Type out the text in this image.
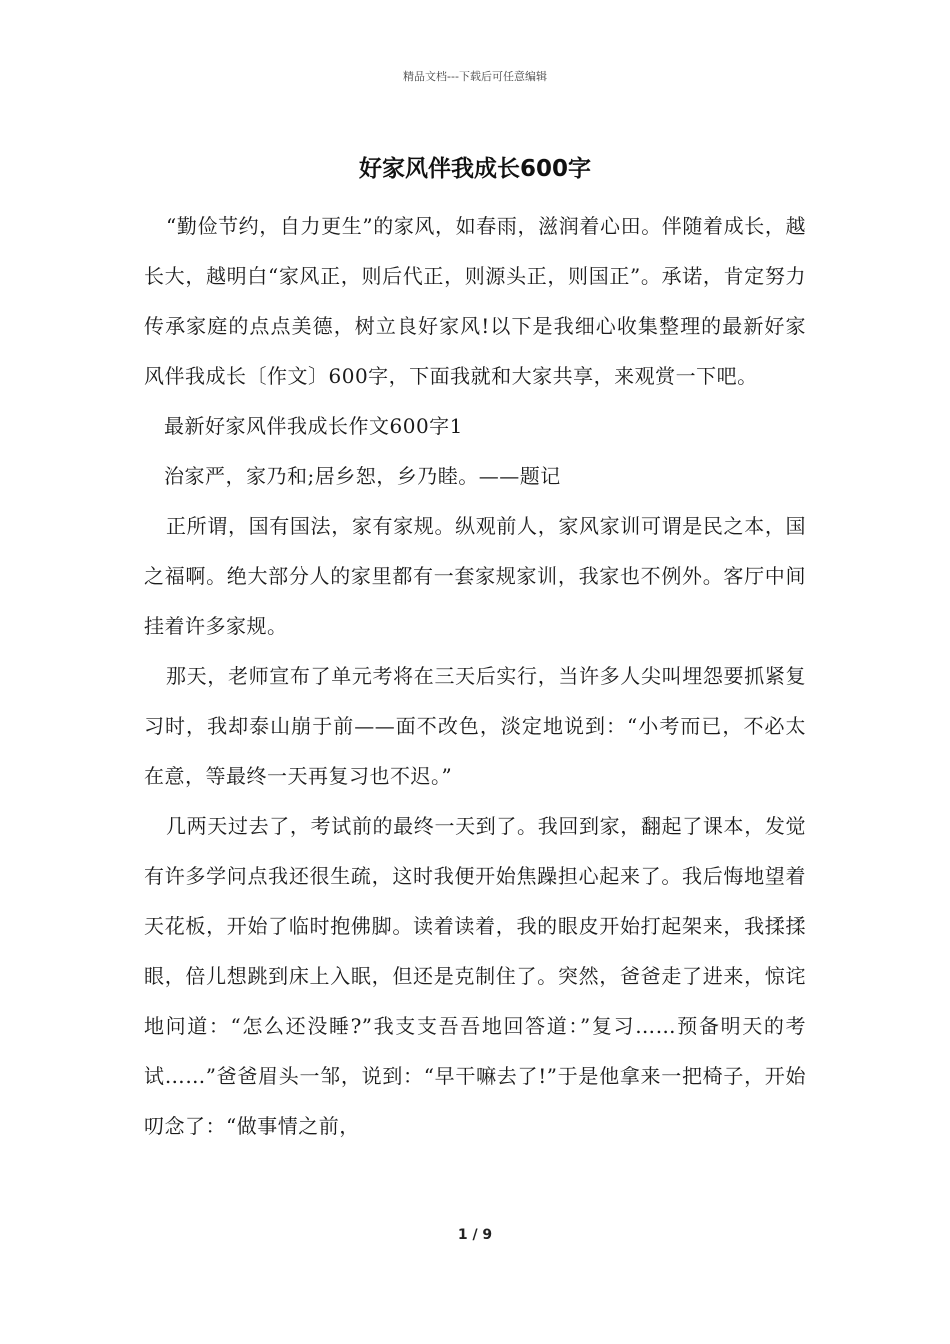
精品文档---下载后可任意编辑
好家风伴我成长600字

“勤俭节约，自力更生”的家风，如春雨，滋润着心田。伴随着成长，越长大，越明白“家风正，则后代正，则源头正，则国正”。承诺，肯定努力传承家庭的点点美德，树立良好家风!以下是我细心收集整理的最新好家风伴我成长〔作文〕600字，下面我就和大家共享，来观赏一下吧。

最新好家风伴我成长作文600字1

治家严，家乃和;居乡恕，乡乃睦。——题记

正所谓，国有国法，家有家规。纵观前人，家风家训可谓是民之本，国之福啊。绝大部分人的家里都有一套家规家训，我家也不例外。客厅中间挂着许多家规。

那天，老师宣布了单元考将在三天后实行，当许多人尖叫埋怨要抓紧复习时，我却泰山崩于前——面不改色，淡定地说到：“小考而已，不必太在意，等最终一天再复习也不迟。”

几两天过去了，考试前的最终一天到了。我回到家，翻起了课本，发觉有许多学问点我还很生疏，这时我便开始焦躁担心起来了。我后悔地望着天花板，开始了临时抱佛脚。读着读着，我的眼皮开始打起架来，我揉揉眼，倍儿想跳到床上入眠，但还是克制住了。突然，爸爸走了进来，惊诧地问道：“怎么还没睡?”我支支吾吾地回答道：”复习……预备明天的考试……”爸爸眉头一邹，说到：“早干嘛去了!”于是他拿来一把椅子，开始叨念了：“做事情之前，

1 / 9
